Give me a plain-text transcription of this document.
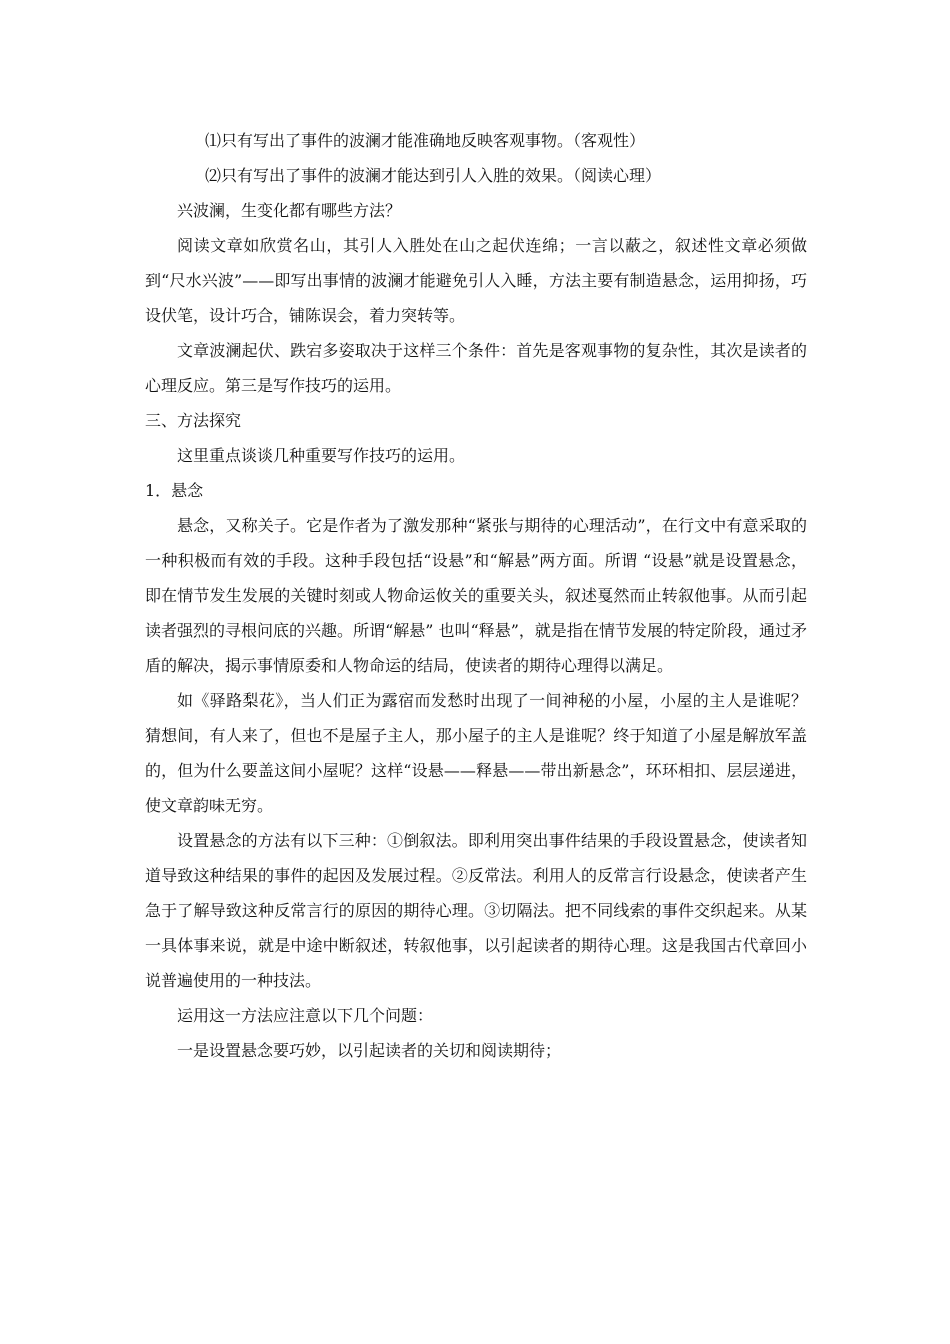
⑴只有写出了事件的波澜才能准确地反映客观事物。（客观性）

⑵只有写出了事件的波澜才能达到引人入胜的效果。（阅读心理）

兴波澜，生变化都有哪些方法？

阅读文章如欣赏名山，其引人入胜处在山之起伏连绵；一言以蔽之，叙述性文章必须做到“尺水兴波”——即写出事情的波澜才能避免引人入睡，方法主要有制造悬念，运用抑扬，巧设伏笔，设计巧合，铺陈误会，着力突转等。

文章波澜起伏、跌宕多姿取决于这样三个条件：首先是客观事物的复杂性，其次是读者的心理反应。第三是写作技巧的运用。

三、方法探究

这里重点谈谈几种重要写作技巧的运用。

1．悬念

悬念，又称关子。它是作者为了激发那种“紧张与期待的心理活动”，在行文中有意采取的一种积极而有效的手段。这种手段包括“设悬”和“解悬”两方面。所谓 “设悬”就是设置悬念，即在情节发生发展的关键时刻或人物命运攸关的重要关头，叙述戛然而止转叙他事。从而引起读者强烈的寻根问底的兴趣。所谓“解悬” 也叫“释悬”，就是指在情节发展的特定阶段，通过矛盾的解决，揭示事情原委和人物命运的结局，使读者的期待心理得以满足。

如《驿路梨花》，当人们正为露宿而发愁时出现了一间神秘的小屋，小屋的主人是谁呢？猜想间，有人来了，但也不是屋子主人，那小屋子的主人是谁呢？终于知道了小屋是解放军盖的，但为什么要盖这间小屋呢？这样“设悬——释悬——带出新悬念”，环环相扣、层层递进，使文章韵味无穷。

设置悬念的方法有以下三种：①倒叙法。即利用突出事件结果的手段设置悬念，使读者知道导致这种结果的事件的起因及发展过程。②反常法。利用人的反常言行设悬念，使读者产生急于了解导致这种反常言行的原因的期待心理。③切隔法。把不同线索的事件交织起来。从某一具体事来说，就是中途中断叙述，转叙他事，以引起读者的期待心理。这是我国古代章回小说普遍使用的一种技法。

运用这一方法应注意以下几个问题：

一是设置悬念要巧妙，以引起读者的关切和阅读期待；
